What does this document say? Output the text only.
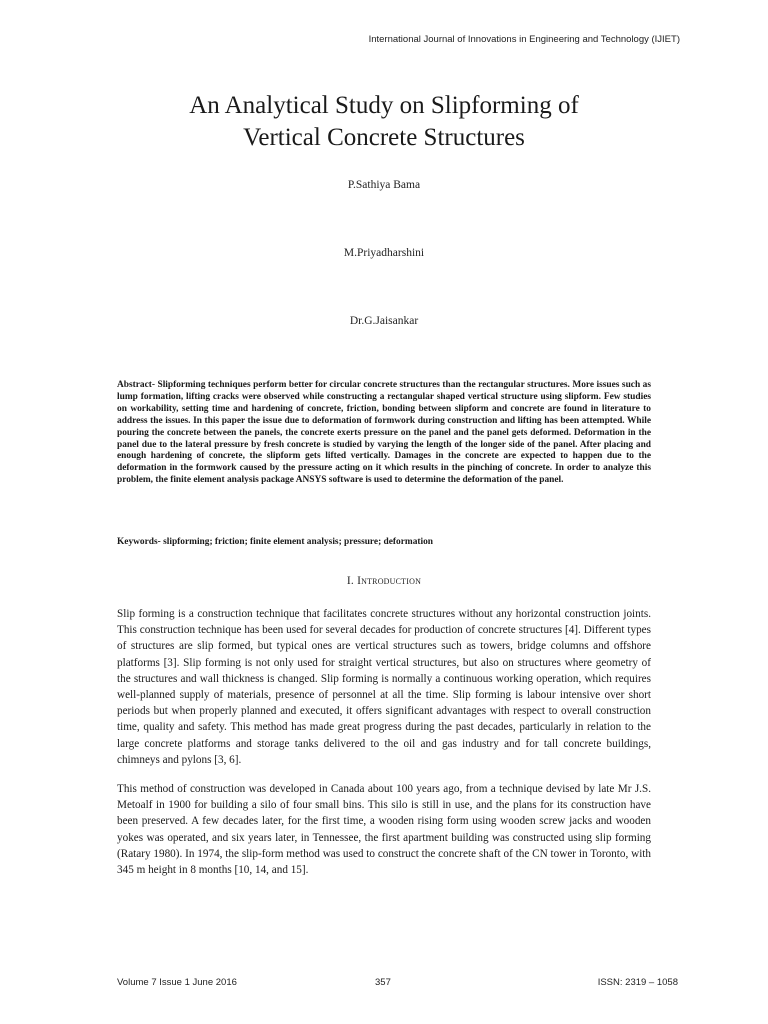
International Journal of Innovations in Engineering and Technology (IJIET)
An Analytical Study on Slipforming of
Vertical Concrete Structures
P.Sathiya Bama
M.Priyadharshini
Dr.G.Jaisankar

Abstract- Slipforming techniques perform better for circular concrete structures than the rectangular structures. More issues such as lump formation, lifting cracks were observed while constructing a rectangular shaped vertical structure using slipform. Few studies on workability, setting time and hardening of concrete, friction, bonding between slipform and concrete are found in literature to address the issues. In this paper the issue due to deformation of formwork during construction and lifting has been attempted. While pouring the concrete between the panels, the concrete exerts pressure on the panel and the panel gets deformed. Deformation in the panel due to the lateral pressure by fresh concrete is studied by varying the length of the longer side of the panel. After placing and enough hardening of concrete, the slipform gets lifted vertically. Damages in the concrete are expected to happen due to the deformation in the formwork caused by the pressure acting on it which results in the pinching of concrete. In order to analyze this problem, the finite element analysis package ANSYS software is used to determine the deformation of the panel.

Keywords- slipforming; friction; finite element analysis; pressure; deformation

I. Introduction

Slip forming is a construction technique that facilitates concrete structures without any horizontal construction joints. This construction technique has been used for several decades for production of concrete structures [4]. Different types of structures are slip formed, but typical ones are vertical structures such as towers, bridge columns and offshore platforms [3]. Slip forming is not only used for straight vertical structures, but also on structures where geometry of the structures and wall thickness is changed. Slip forming is normally a continuous working operation, which requires well-planned supply of materials, presence of personnel at all the time. Slip forming is labour intensive over short periods but when properly planned and executed, it offers significant advantages with respect to overall construction time, quality and safety. This method has made great progress during the past decades, particularly in relation to the large concrete platforms and storage tanks delivered to the oil and gas industry and for tall concrete buildings, chimneys and pylons [3, 6].

This method of construction was developed in Canada about 100 years ago, from a technique devised by late Mr J.S. Metoalf in 1900 for building a silo of four small bins. This silo is still in use, and the plans for its construction have been preserved. A few decades later, for the first time, a wooden rising form using wooden screw jacks and wooden yokes was operated, and six years later, in Tennessee, the first apartment building was constructed using slip forming (Ratary 1980). In 1974, the slip-form method was used to construct the concrete shaft of the CN tower in Toronto, with 345 m height in 8 months [10, 14, and 15].

Volume 7 Issue 1 June 2016	357	ISSN: 2319 – 1058
